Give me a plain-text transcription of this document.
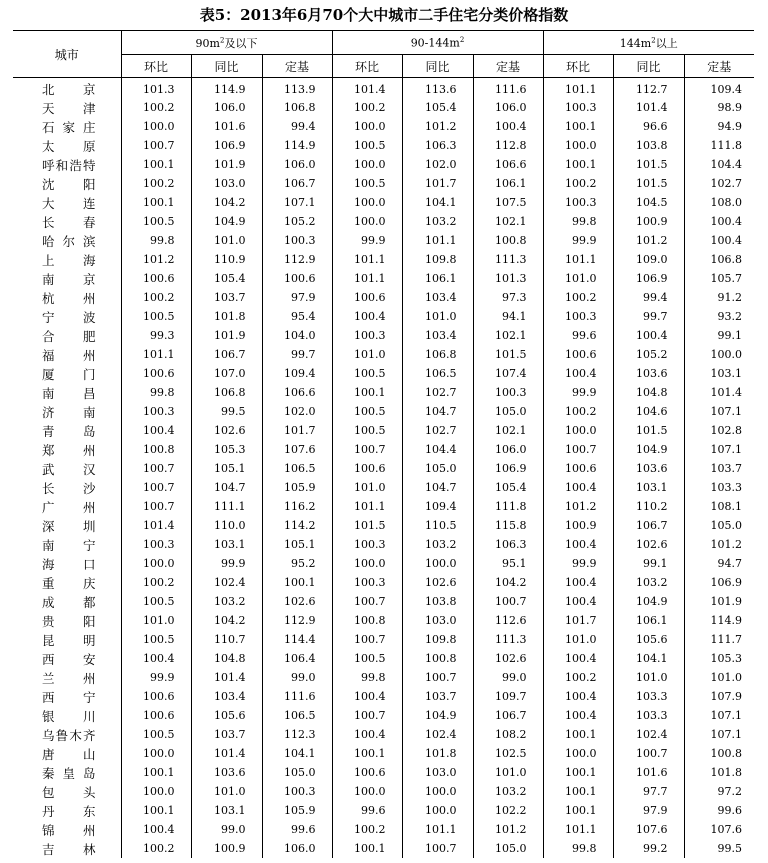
表5：2013年6月70个大中城市二手住宅分类价格指数
城市	$90m^2$及以下			$90-144m^2$			$144m^2$以上		
	环比	同比	定基	环比	同比	定基	环比	同比	定基
北京	101.3	114.9	113.9	101.4	113.6	111.6	101.1	112.7	109.4
天津	100.2	106.0	106.8	100.2	105.4	106.0	100.3	101.4	98.9
石家庄	100.0	101.6	99.4	100.0	101.2	100.4	100.1	96.6	94.9
太原	100.7	106.9	114.9	100.5	106.3	112.8	100.0	103.8	111.8
呼和浩特	100.1	101.9	106.0	100.0	102.0	106.6	100.1	101.5	104.4
沈阳	100.2	103.0	106.7	100.5	101.7	106.1	100.2	101.5	102.7
大连	100.1	104.2	107.1	100.0	104.1	107.5	100.3	104.5	108.0
长春	100.5	104.9	105.2	100.0	103.2	102.1	99.8	100.9	100.4
哈尔滨	99.8	101.0	100.3	99.9	101.1	100.8	99.9	101.2	100.4
上海	101.2	110.9	112.9	101.1	109.8	111.3	101.1	109.0	106.8
南京	100.6	105.4	100.6	101.1	106.1	101.3	101.0	106.9	105.7
杭州	100.2	103.7	97.9	100.6	103.4	97.3	100.2	99.4	91.2
宁波	100.5	101.8	95.4	100.4	101.0	94.1	100.3	99.7	93.2
合肥	99.3	101.9	104.0	100.3	103.4	102.1	99.6	100.4	99.1
福州	101.1	106.7	99.7	101.0	106.8	101.5	100.6	105.2	100.0
厦门	100.6	107.0	109.4	100.5	106.5	107.4	100.4	103.6	103.1
南昌	99.8	106.8	106.6	100.1	102.7	100.3	99.9	104.8	101.4
济南	100.3	99.5	102.0	100.5	104.7	105.0	100.2	104.6	107.1
青岛	100.4	102.6	101.7	100.5	102.7	102.1	100.0	101.5	102.8
郑州	100.8	105.3	107.6	100.7	104.4	106.0	100.7	104.9	107.1
武汉	100.7	105.1	106.5	100.6	105.0	106.9	100.6	103.6	103.7
长沙	100.7	104.7	105.9	101.0	104.7	105.4	100.4	103.1	103.3
广州	100.7	111.1	116.2	101.1	109.4	111.8	101.2	110.2	108.1
深圳	101.4	110.0	114.2	101.5	110.5	115.8	100.9	106.7	105.0
南宁	100.3	103.1	105.1	100.3	103.2	106.3	100.4	102.6	101.2
海口	100.0	99.9	95.2	100.0	100.0	95.1	99.9	99.1	94.7
重庆	100.2	102.4	100.1	100.3	102.6	104.2	100.4	103.2	106.9
成都	100.5	103.2	102.6	100.7	103.8	100.7	100.4	104.9	101.9
贵阳	101.0	104.2	112.9	100.8	103.0	112.6	101.7	106.1	114.9
昆明	100.5	110.7	114.4	100.7	109.8	111.3	101.0	105.6	111.7
西安	100.4	104.8	106.4	100.5	100.8	102.6	100.4	104.1	105.3
兰州	99.9	101.4	99.0	99.8	100.7	99.0	100.2	101.0	101.0
西宁	100.6	103.4	111.6	100.4	103.7	109.7	100.4	103.3	107.9
银川	100.6	105.6	106.5	100.7	104.9	106.7	100.4	103.3	107.1
乌鲁木齐	100.5	103.7	112.3	100.4	102.4	108.2	100.1	102.4	107.1
唐山	100.0	101.4	104.1	100.1	101.8	102.5	100.0	100.7	100.8
秦皇岛	100.1	103.6	105.0	100.6	103.0	101.0	100.1	101.6	101.8
包头	100.0	101.0	100.3	100.0	100.0	103.2	100.1	97.7	97.2
丹东	100.1	103.1	105.9	99.6	100.0	102.2	100.1	97.9	99.6
锦州	100.4	99.0	99.6	100.2	101.1	101.2	101.1	107.6	107.6
吉林	100.2	100.9	106.0	100.1	100.7	105.0	99.8	99.2	99.5
